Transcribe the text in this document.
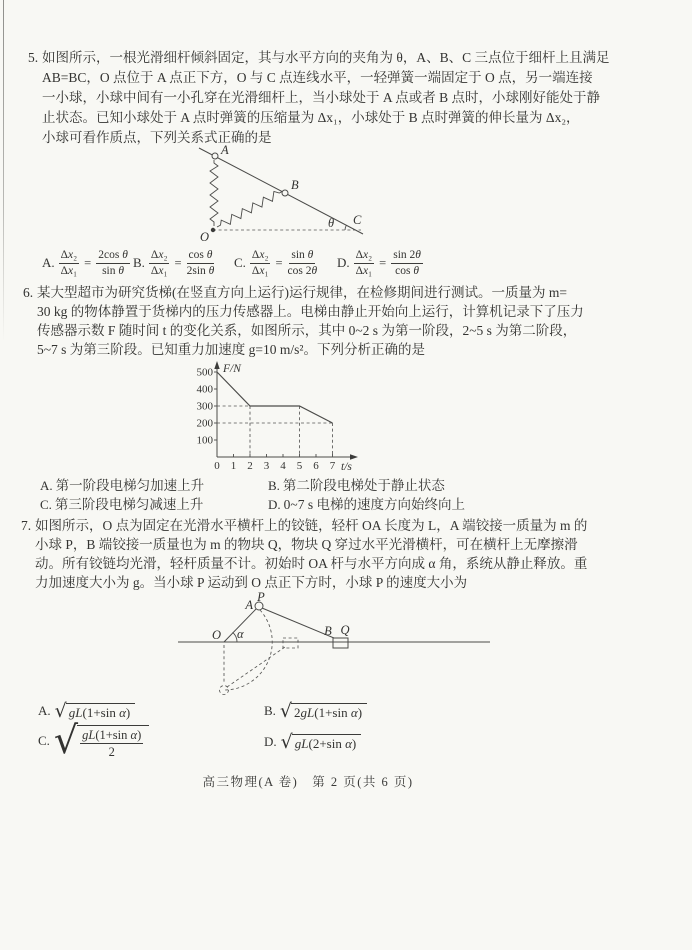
5. 如图所示，一根光滑细杆倾斜固定，其与水平方向的夹角为 θ，A、B、C 三点位于细杆上且满足
AB=BC，O 点位于 A 点正下方，O 与 C 点连线水平，一轻弹簧一端固定于 O 点，另一端连接
一小球，小球中间有一小孔穿在光滑细杆上，当小球处于 A 点或者 B 点时，小球刚好能处于静
止状态。已知小球处于 A 点时弹簧的压缩量为 Δx₁，小球处于 B 点时弹簧的伸长量为 Δx₂，
小球可看作质点，下列关系式正确的是
A
B
C
O
θ
A. $\frac{\text{Δx₂}}{\text{Δx₁}} = \frac{\text{2cos θ}}{\text{sin θ}} B$. $\frac{\text{Δx₂}}{\text{Δx₁}} = \frac{\text{cos θ}}{\text{2sin θ}} C$. $\frac{\text{Δx₂}}{\text{Δx₁}} = \frac{\text{sin θ}}{\cos 2\theta} D$. $\frac{\text{Δx₂}}{\text{Δx₁}} = \frac{\sin 2\theta}{\text{cos θ}}$
6. 某大型超市为研究货梯(在竖直方向上运行)运行规律，在检修期间进行测试。一质量为 m=
30 kg 的物体静置于货梯内的压力传感器上。电梯由静止开始向上运行，计算机记录下了压力
传感器示数 F 随时间 t 的变化关系，如图所示，其中 0~2 s 为第一阶段，2~5 s 为第二阶段，
5~7 s 为第三阶段。已知重力加速度 g=10 m/s²。下列分析正确的是
500
400
300
200
100
0 1 2 3 4 5 6 7
F/N
t/s
A. 第一阶段电梯匀加速上升	B. 第二阶段电梯处于静止状态
C. 第三阶段电梯匀减速上升	D. 0~7 s 电梯的速度方向始终向上
7. 如图所示，O 点为固定在光滑水平横杆上的铰链，轻杆 OA 长度为 L，A 端铰接一质量为 m 的
小球 P，B 端铰接一质量也为 m 的物块 Q，物块 Q 穿过水平光滑横杆，可在横杆上无摩擦滑
动。所有铰链均光滑，轻杆质量不计。初始时 OA 杆与水平方向成 α 角，系统从静止释放。重
力加速度大小为 g。当小球 P 运动到 O 点正下方时，小球 P 的速度大小为
O α
A
P
B Q
A. √ gL(1+sin α)	B. √ 2gL(1+sin α)
C. √ $\frac{\text{gL(1+sin α)}}{2}$	D. √ gL(2+sin α)
高三物理(A 卷)　第 2 页(共 6 页)
